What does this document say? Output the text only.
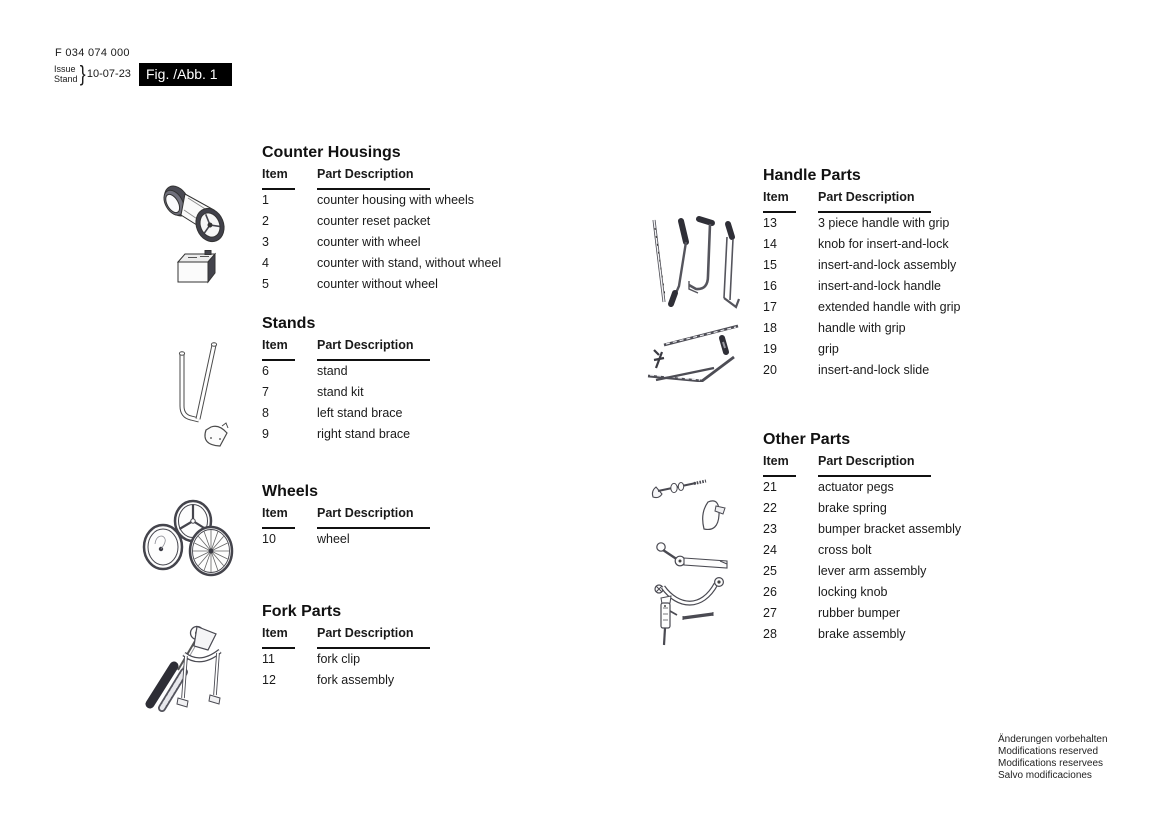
F 034 074 000
Issue
Stand } 10-07-23	Fig. /Abb. 1
Counter Housings
Item	Part Description
1	counter housing with wheels
2	counter reset packet
3	counter with wheel
4	counter with stand, without wheel
5	counter without wheel
Stands
Item	Part Description
6	stand
7	stand kit
8	left stand brace
9	right stand brace
Wheels
Item	Part Description
10	wheel
Fork Parts
Item	Part Description
11	fork clip
12	fork assembly
Handle Parts
Item	Part Description
13	3 piece handle with grip
14	knob for insert-and-lock
15	insert-and-lock assembly
16	insert-and-lock handle
17	extended handle with grip
18	handle with grip
19	grip
20	insert-and-lock slide
Other Parts
Item	Part Description
21	actuator pegs
22	brake spring
23	bumper bracket assembly
24	cross bolt
25	lever arm assembly
26	locking knob
27	rubber bumper
28	brake assembly
Änderungen vorbehalten
Modifications reserved
Modifications reservees
Salvo modificaciones
